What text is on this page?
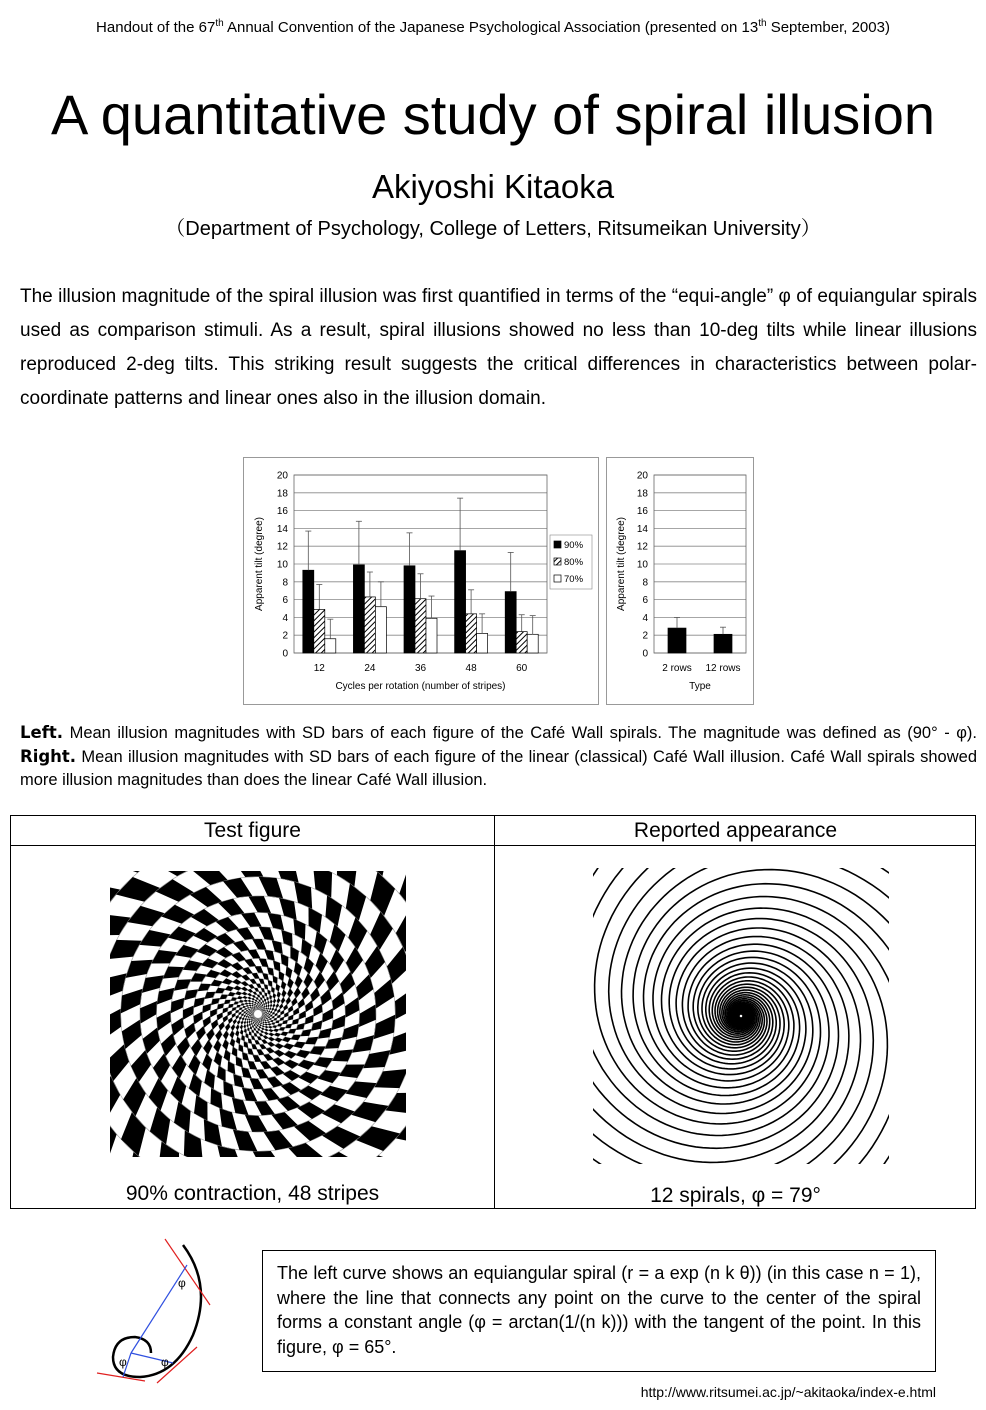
Handout of the 67th Annual Convention of the Japanese Psychological Association (presented on 13th September, 2003)
A quantitative study of spiral illusion
Akiyoshi Kitaoka
（Department of Psychology, College of Letters, Ritsumeikan University）
The illusion magnitude of the spiral illusion was first quantified in terms of the “equi-angle” φ of equiangular spirals used as comparison stimuli. As a result, spiral illusions showed no less than 10-deg tilts while linear illusions reproduced 2-deg tilts. This striking result suggests the critical differences in characteristics between polar-coordinate patterns and linear ones also in the illusion domain.
0
2
4
6
8
10
12
14
16
18
20
12	24	36	48	60
Apparent tilt (degree)
Cycles per rotation (number of stripes)
90%
80%
70%
0
2
4
6
8
10
12
14
16
18
20
2 rows 12 rows
Apparent tilt (degree)
Type
Left. Mean illusion magnitudes with SD bars of each figure of the Café Wall spirals. The magnitude was defined as (90° - φ). Right. Mean illusion magnitudes with SD bars of each figure of the linear (classical) Café Wall illusion. Café Wall spirals showed more illusion magnitudes than does the linear Café Wall illusion.
Test figure	Reported appearance
90% contraction, 48 stripes	12 spirals, φ = 79°
φ
φ	φ
The left curve shows an equiangular spiral (r = a exp (n k θ)) (in this case n = 1), where the line that connects any point on the curve to the center of the spiral forms a constant angle (φ = arctan(1/(n k))) with the tangent of the point. In this figure, φ = 65°.
http://www.ritsumei.ac.jp/~akitaoka/index-e.html
